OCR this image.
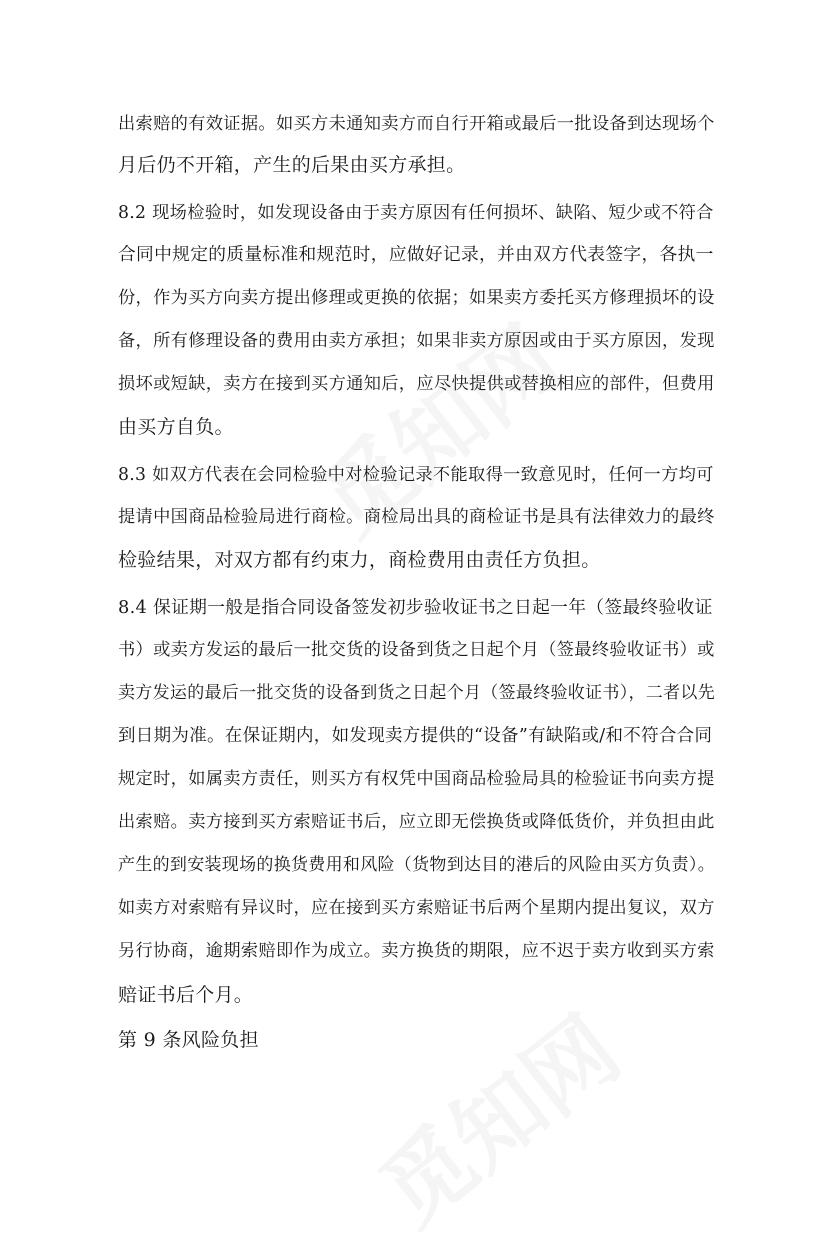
出索赔的有效证据。如买方未通知卖方而自行开箱或最后一批设备到达现场个
月后仍不开箱，产生的后果由买方承担。
8.2 现场检验时，如发现设备由于卖方原因有任何损坏、缺陷、短少或不符合
合同中规定的质量标准和规范时，应做好记录，并由双方代表签字，各执一
份，作为买方向卖方提出修理或更换的依据；如果卖方委托买方修理损坏的设
备，所有修理设备的费用由卖方承担；如果非卖方原因或由于买方原因，发现
损坏或短缺，卖方在接到买方通知后，应尽快提供或替换相应的部件，但费用
由买方自负。
8.3 如双方代表在会同检验中对检验记录不能取得一致意见时，任何一方均可
提请中国商品检验局进行商检。商检局出具的商检证书是具有法律效力的最终
检验结果，对双方都有约束力，商检费用由责任方负担。
8.4 保证期一般是指合同设备签发初步验收证书之日起一年（签最终验收证
书）或卖方发运的最后一批交货的设备到货之日起个月（签最终验收证书）或
卖方发运的最后一批交货的设备到货之日起个月（签最终验收证书），二者以先
到日期为准。在保证期内，如发现卖方提供的“设备”有缺陷或/和不符合合同
规定时，如属卖方责任，则买方有权凭中国商品检验局具的检验证书向卖方提
出索赔。卖方接到买方索赔证书后，应立即无偿换货或降低货价，并负担由此
产生的到安装现场的换货费用和风险（货物到达目的港后的风险由买方负责）。
如卖方对索赔有异议时，应在接到买方索赔证书后两个星期内提出复议，双方
另行协商，逾期索赔即作为成立。卖方换货的期限，应不迟于卖方收到买方索
赔证书后个月。
第 9 条风险负担
